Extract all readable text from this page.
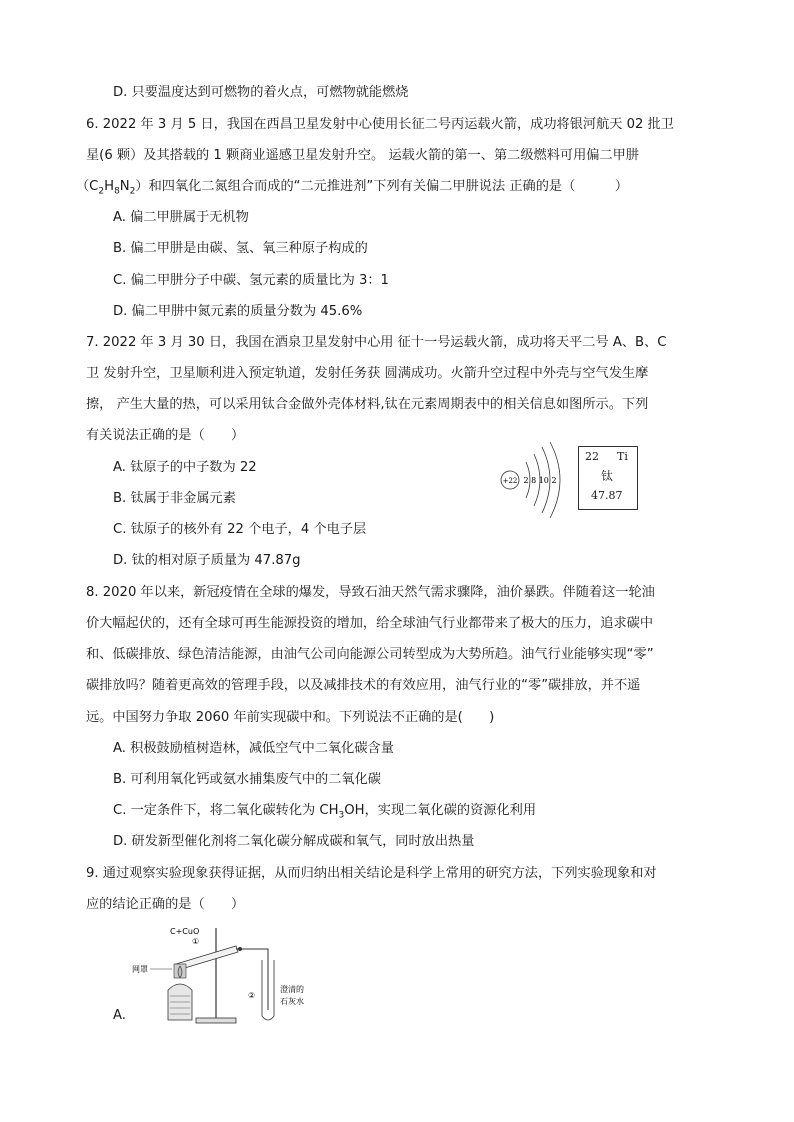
D. 只要温度达到可燃物的着火点，可燃物就能燃烧
6. 2022 年 3 月 5 日，我国在西昌卫星发射中心使用长征二号丙运载火箭，成功将银河航天 02 批卫
星(6 颗）及其搭载的 1 颗商业遥感卫星发射升空。 运载火箭的第一、第二级燃料可用偏二甲肼
$(C_2H_8N_2)$和四氧化二氮组合而成的“二元推进剂”下列有关偏二甲肼说法 正确的是（　　　）
A. 偏二甲肼属于无机物
B. 偏二甲肼是由碳、氢、氧三种原子构成的
C. 偏二甲肼分子中碳、氢元素的质量比为 3：1
D. 偏二甲肼中氮元素的质量分数为 45.6%
7. 2022 年 3 月 30 日，我国在酒泉卫星发射中心用 征十一号运载火箭，成功将天平二号 A、B、C
卫 发射升空，卫星顺利进入预定轨道，发射任务获 圆满成功。火箭升空过程中外壳与空气发生摩
擦， 产生大量的热，可以采用钛合金做外壳体材料,钛在元素周期表中的相关信息如图所示。下列
有关说法正确的是（　　）
A. 钛原子的中子数为 22
B. 钛属于非金属元素
C. 钛原子的核外有 22 个电子，4 个电子层
D. 钛的相对原子质量为 47.87g
+22 2 8 10 2
22 Ti
钛
47.87
8. 2020 年以来，新冠疫情在全球的爆发，导致石油天然气需求骤降，油价暴跌。伴随着这一轮油
价大幅起伏的，还有全球可再生能源投资的增加，给全球油气行业都带来了极大的压力，追求碳中
和、低碳排放、绿色清洁能源，由油气公司向能源公司转型成为大势所趋。油气行业能够实现“零”
碳排放吗？随着更高效的管理手段，以及减排技术的有效应用，油气行业的“零”碳排放，并不遥
远。中国努力争取 2060 年前实现碳中和。下列说法不正确的是(　　)
A. 积极鼓励植树造林，减低空气中二氧化碳含量
B. 可利用氧化钙或氨水捕集废气中的二氧化碳
C. 一定条件下，将二氧化碳转化为 $CH_3OH$，实现二氧化碳的资源化利用
D. 研发新型催化剂将二氧化碳分解成碳和氧气，同时放出热量
9. 通过观察实验现象获得证据，从而归纳出相关结论是科学上常用的研究方法，下列实验现象和对
应的结论正确的是（　　）
C+CuO
①
网罩
②
澄清的
石灰水
A.
